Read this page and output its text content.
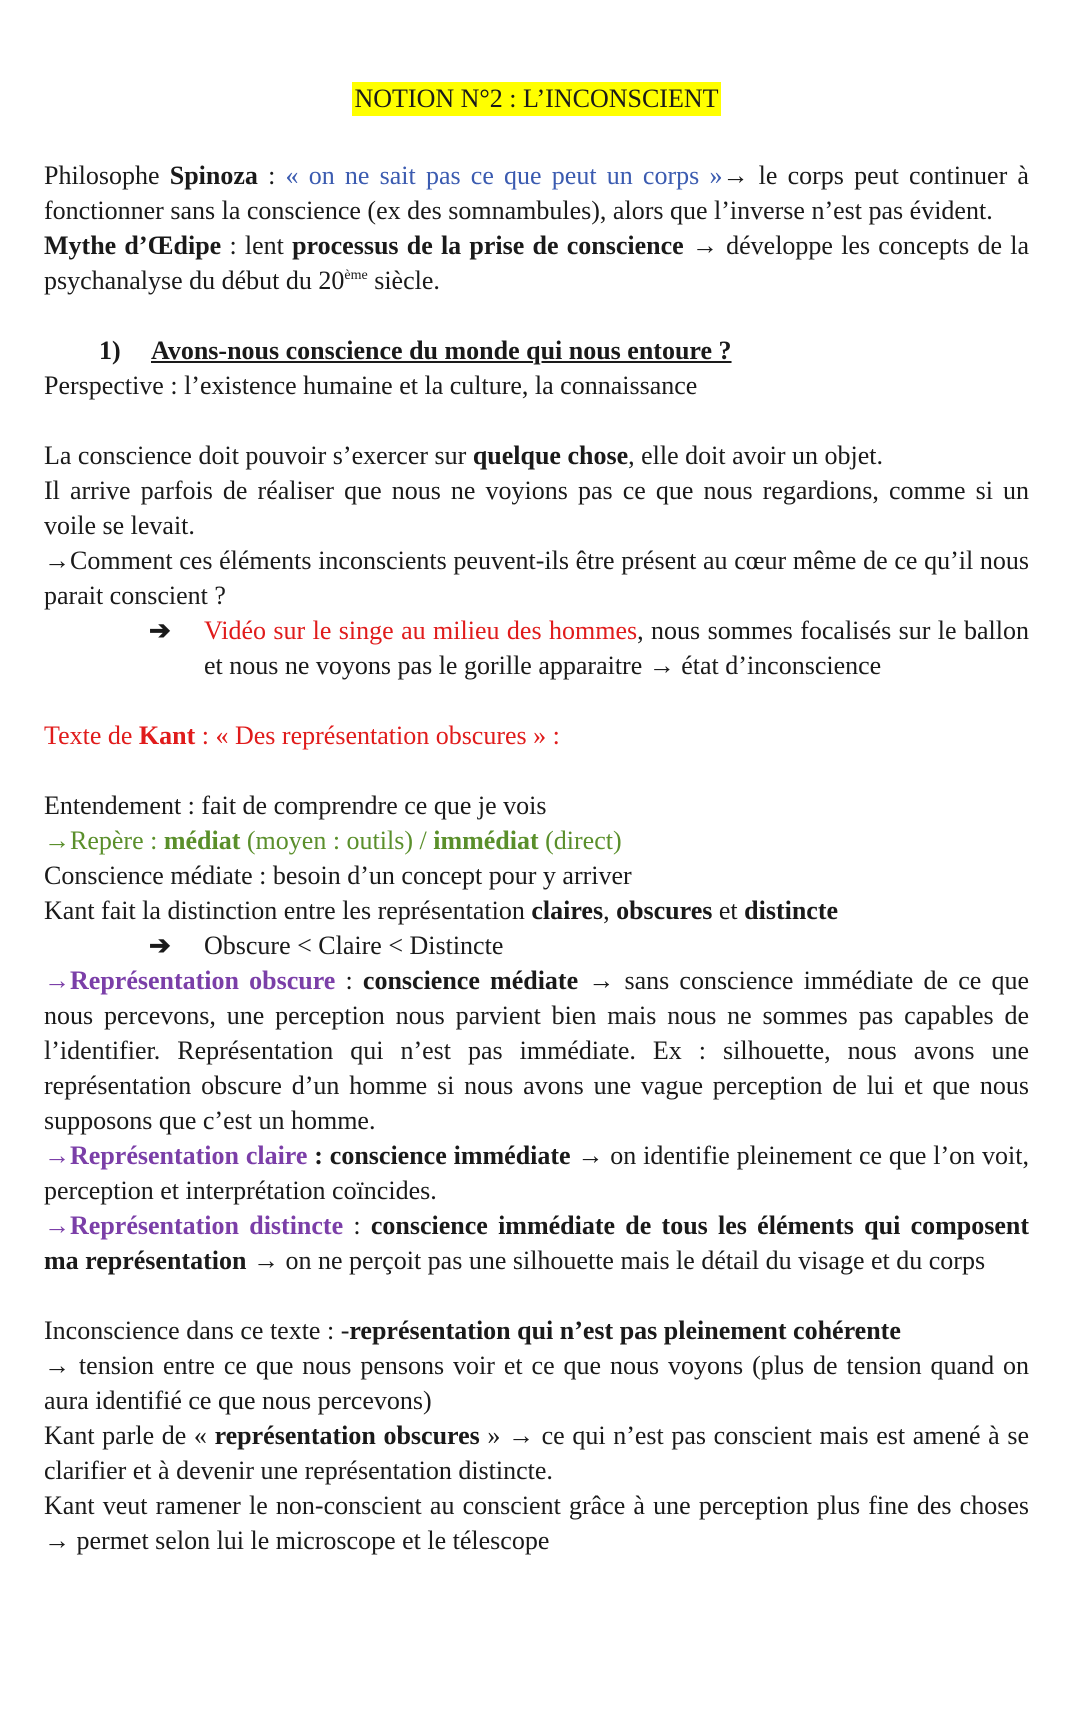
NOTION N°2 : L’INCONSCIENT

Philosophe Spinoza : « on ne sait pas ce que peut un corps »→ le corps peut continuer à fonctionner sans la conscience (ex des somnambules), alors que l’inverse n’est pas évident.

Mythe d’Œdipe : lent processus de la prise de conscience → développe les concepts de la psychanalyse du début du 20ème siècle.

1) Avons-nous conscience du monde qui nous entoure ?

Perspective : l’existence humaine et la culture, la connaissance

La conscience doit pouvoir s’exercer sur quelque chose, elle doit avoir un objet.

Il arrive parfois de réaliser que nous ne voyions pas ce que nous regardions, comme si un voile se levait.

→Comment ces éléments inconscients peuvent-ils être présent au cœur même de ce qu’il nous parait conscient ?

➔ Vidéo sur le singe au milieu des hommes, nous sommes focalisés sur le ballon et nous ne voyons pas le gorille apparaitre → état d’inconscience

Texte de Kant : « Des représentation obscures » :

Entendement : fait de comprendre ce que je vois

→Repère : médiat (moyen : outils) / immédiat (direct)

Conscience médiate : besoin d’un concept pour y arriver

Kant fait la distinction entre les représentation claires, obscures et distincte

➔ Obscure < Claire < Distincte

→Représentation obscure : conscience médiate → sans conscience immédiate de ce que nous percevons, une perception nous parvient bien mais nous ne sommes pas capables de l’identifier. Représentation qui n’est pas immédiate. Ex : silhouette, nous avons une représentation obscure d’un homme si nous avons une vague perception de lui et que nous supposons que c’est un homme.

→Représentation claire : conscience immédiate → on identifie pleinement ce que l’on voit, perception et interprétation coïncides.

→Représentation distincte : conscience immédiate de tous les éléments qui composent ma représentation → on ne perçoit pas une silhouette mais le détail du visage et du corps

Inconscience dans ce texte : -représentation qui n’est pas pleinement cohérente
→ tension entre ce que nous pensons voir et ce que nous voyons (plus de tension quand on aura identifié ce que nous percevons)

Kant parle de « représentation obscures » → ce qui n’est pas conscient mais est amené à se clarifier et à devenir une représentation distincte.

Kant veut ramener le non-conscient au conscient grâce à une perception plus fine des choses → permet selon lui le microscope et le télescope
